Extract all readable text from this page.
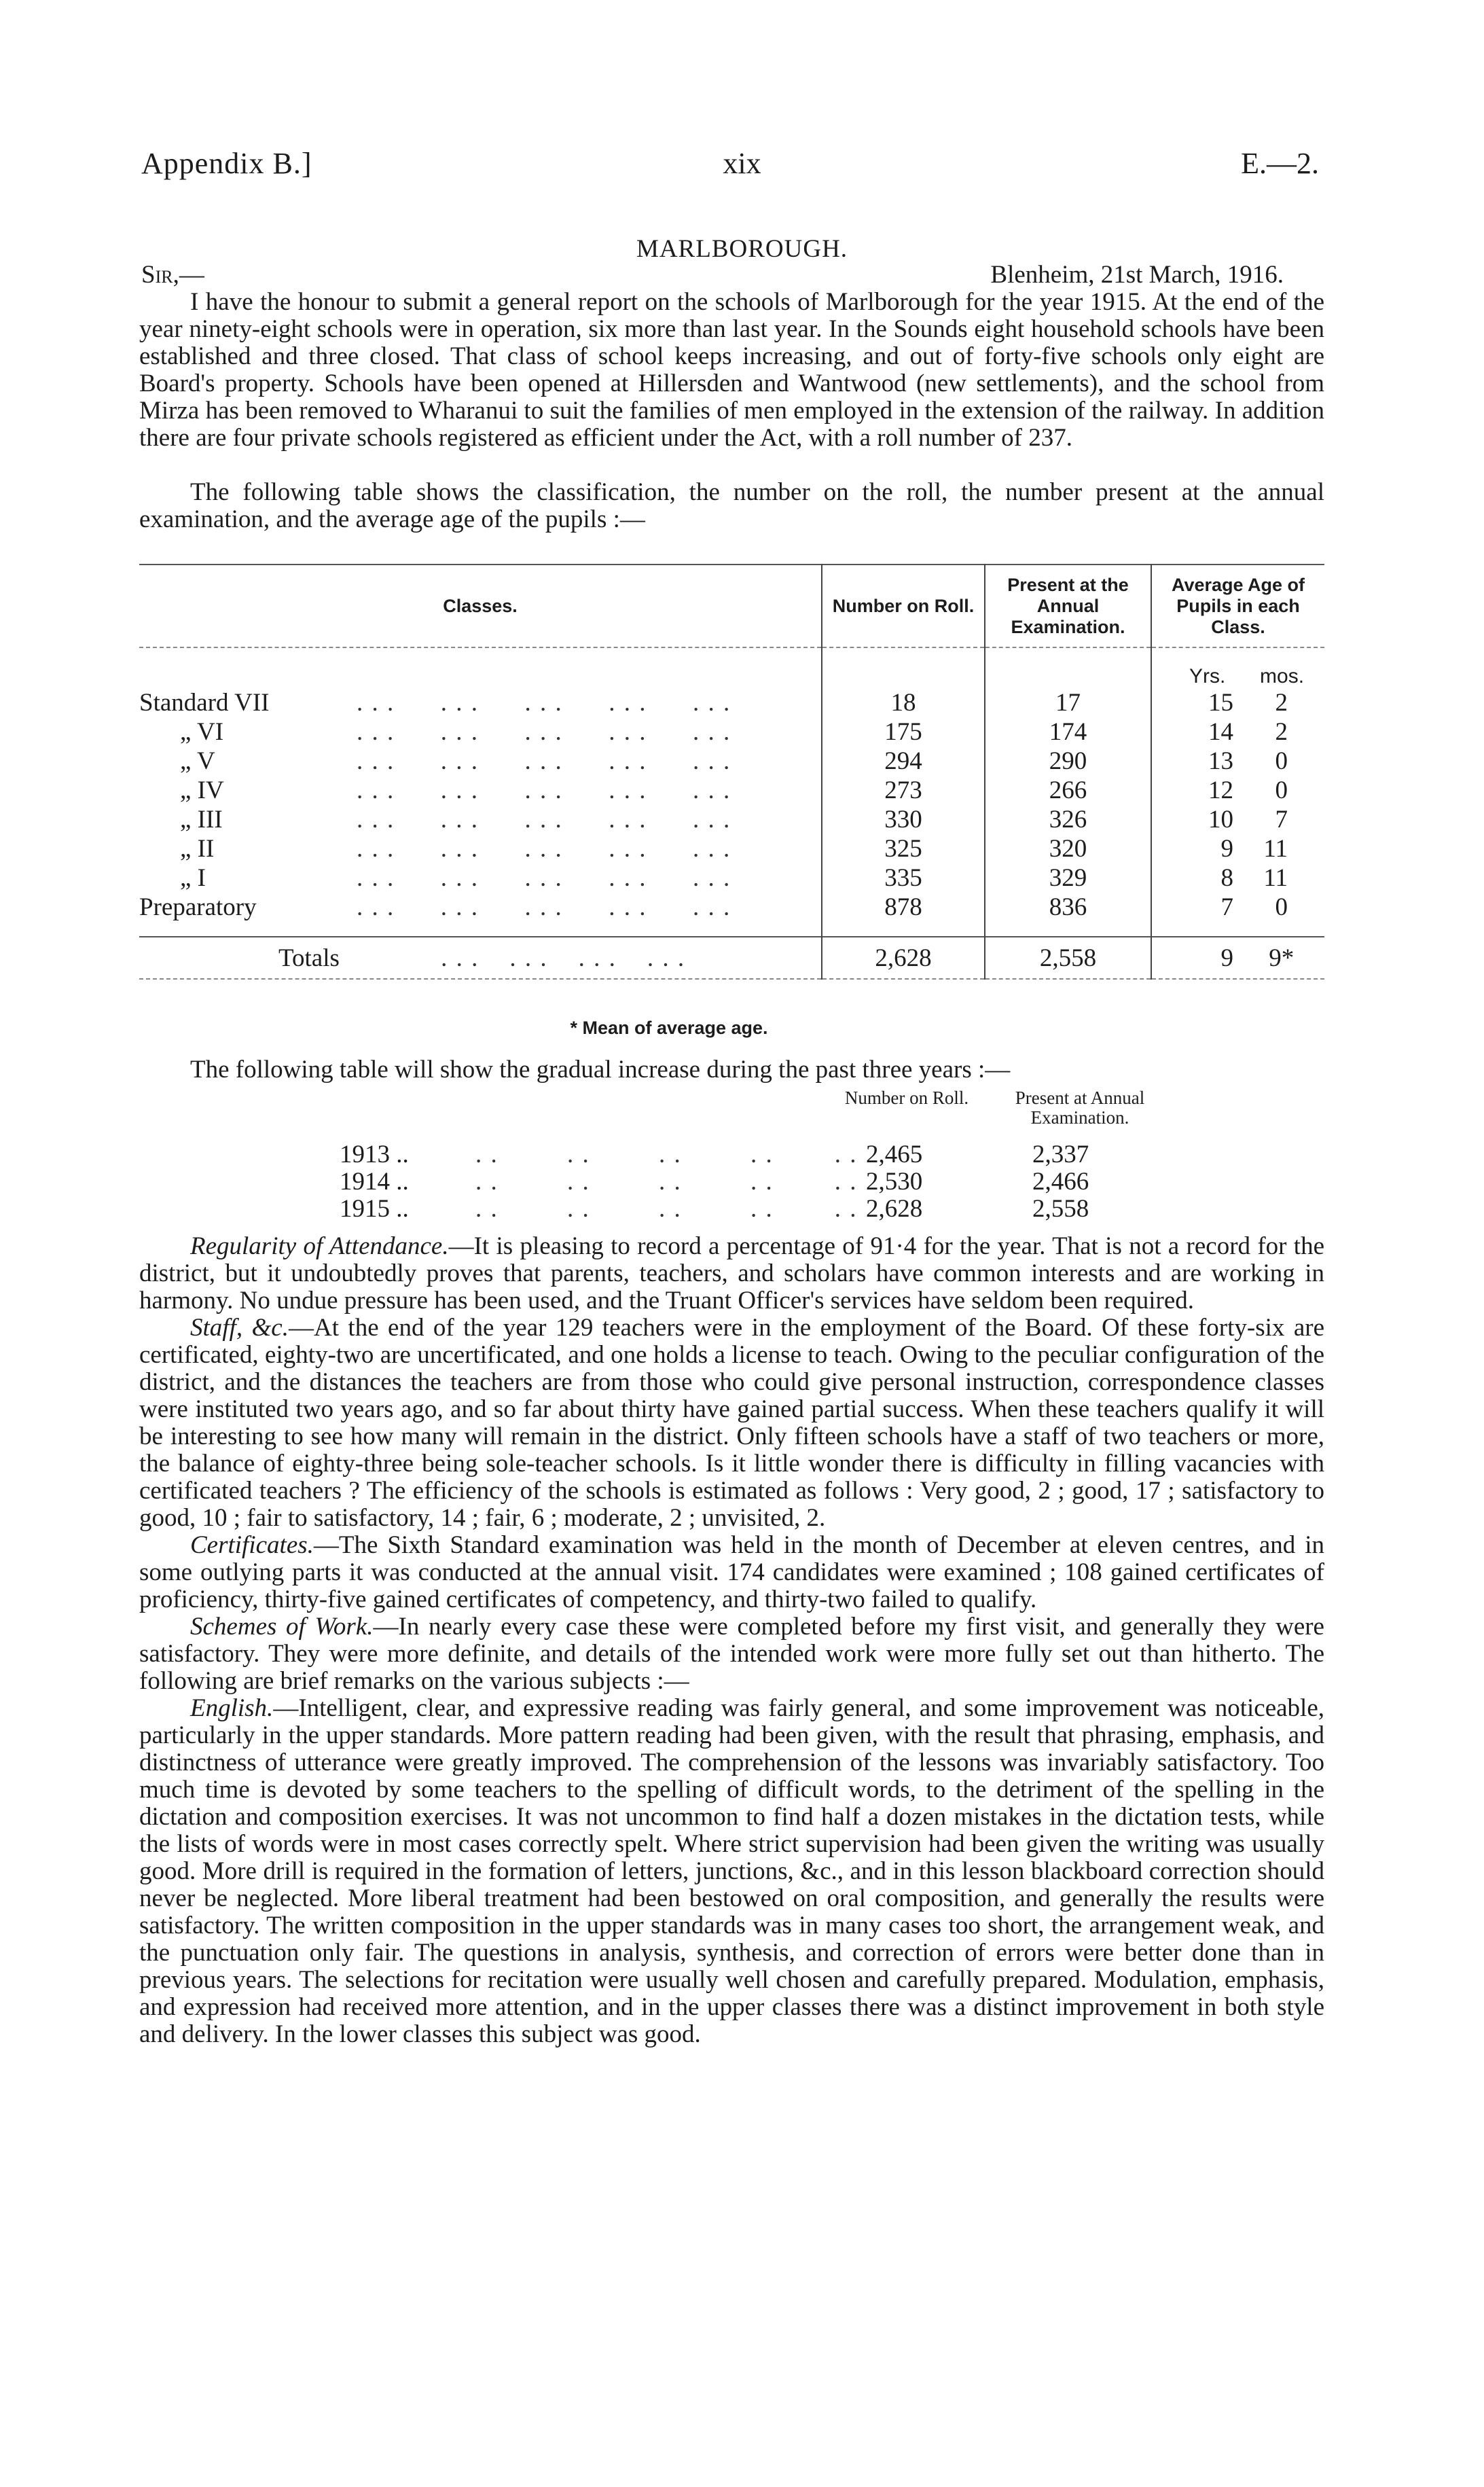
Appendix B.]	xix	E.—2.
MARLBOROUGH.
Sir,—	Blenheim, 21st March, 1916.

I have the honour to submit a general report on the schools of Marlborough for the year 1915. At the end of the year ninety-eight schools were in operation, six more than last year. In the Sounds eight household schools have been established and three closed. That class of school keeps increasing, and out of forty-five schools only eight are Board's property. Schools have been opened at Hillersden and Wantwood (new settlements), and the school from Mirza has been removed to Wharanui to suit the families of men employed in the extension of the railway. In addition there are four private schools registered as efficient under the Act, with a roll number of 237.

The following table shows the classification, the number on the roll, the number present at the annual examination, and the average age of the pupils :—

Classes.	Number on Roll.	Present at the Annual Examination.	Average Age of Pupils in each Class.
			Yrs. mos.
Standard VII . . .      . . .      . . .      . . .      . . .	18	17	15 2
„ VI . . .      . . .      . . .      . . .      . . .	175	174	14 2
„ V . . .      . . .      . . .      . . .      . . .	294	290	13 0
„ IV . . .      . . .      . . .      . . .      . . .	273	266	12 0
„ III . . .      . . .      . . .      . . .      . . .	330	326	10 7
„ II . . .      . . .      . . .      . . .      . . .	325	320	9 11
„ I . . .      . . .      . . .      . . .      . . .	335	329	8 11
Preparatory . . .      . . .      . . .      . . .      . . .	878	836	7 0

Totals . . .    . . .    . . .    . . .	2,628	2,558	9 9*

* Mean of average age.

The following table will show the gradual increase during the past three years :—

Number on Roll.	Present at Annual Examination.
1913 ..	. .         . .         . .         . .        . . 2,465	2,337
1914 ..	. .         . .         . .         . .        . . 2,530	2,466
1915 ..	. .         . .         . .         . .        . . 2,628	2,558

Regularity of Attendance.—It is pleasing to record a percentage of 91·4 for the year. That is not a record for the district, but it undoubtedly proves that parents, teachers, and scholars have common interests and are working in harmony. No undue pressure has been used, and the Truant Officer's services have seldom been required.

Staff, &c.—At the end of the year 129 teachers were in the employment of the Board. Of these forty-six are certificated, eighty-two are uncertificated, and one holds a license to teach. Owing to the peculiar configuration of the district, and the distances the teachers are from those who could give personal instruction, correspondence classes were instituted two years ago, and so far about thirty have gained partial success. When these teachers qualify it will be interesting to see how many will remain in the district. Only fifteen schools have a staff of two teachers or more, the balance of eighty-three being sole-teacher schools. Is it little wonder there is difficulty in filling vacancies with certificated teachers ? The efficiency of the schools is estimated as follows : Very good, 2 ; good, 17 ; satisfactory to good, 10 ; fair to satisfactory, 14 ; fair, 6 ; moderate, 2 ; unvisited, 2.

Certificates.—The Sixth Standard examination was held in the month of December at eleven centres, and in some outlying parts it was conducted at the annual visit. 174 candidates were examined ; 108 gained certificates of proficiency, thirty-five gained certificates of competency, and thirty-two failed to qualify.

Schemes of Work.—In nearly every case these were completed before my first visit, and generally they were satisfactory. They were more definite, and details of the intended work were more fully set out than hitherto. The following are brief remarks on the various subjects :—

English.—Intelligent, clear, and expressive reading was fairly general, and some improvement was noticeable, particularly in the upper standards. More pattern reading had been given, with the result that phrasing, emphasis, and distinctness of utterance were greatly improved. The comprehension of the lessons was invariably satisfactory. Too much time is devoted by some teachers to the spelling of difficult words, to the detriment of the spelling in the dictation and composition exercises. It was not uncommon to find half a dozen mistakes in the dictation tests, while the lists of words were in most cases correctly spelt. Where strict supervision had been given the writing was usually good. More drill is required in the formation of letters, junctions, &c., and in this lesson blackboard correction should never be neglected. More liberal treatment had been bestowed on oral composition, and generally the results were satisfactory. The written composition in the upper standards was in many cases too short, the arrangement weak, and the punctuation only fair. The questions in analysis, synthesis, and correction of errors were better done than in previous years. The selections for recitation were usually well chosen and carefully prepared. Modulation, emphasis, and expression had received more attention, and in the upper classes there was a distinct improvement in both style and delivery. In the lower classes this subject was good.
